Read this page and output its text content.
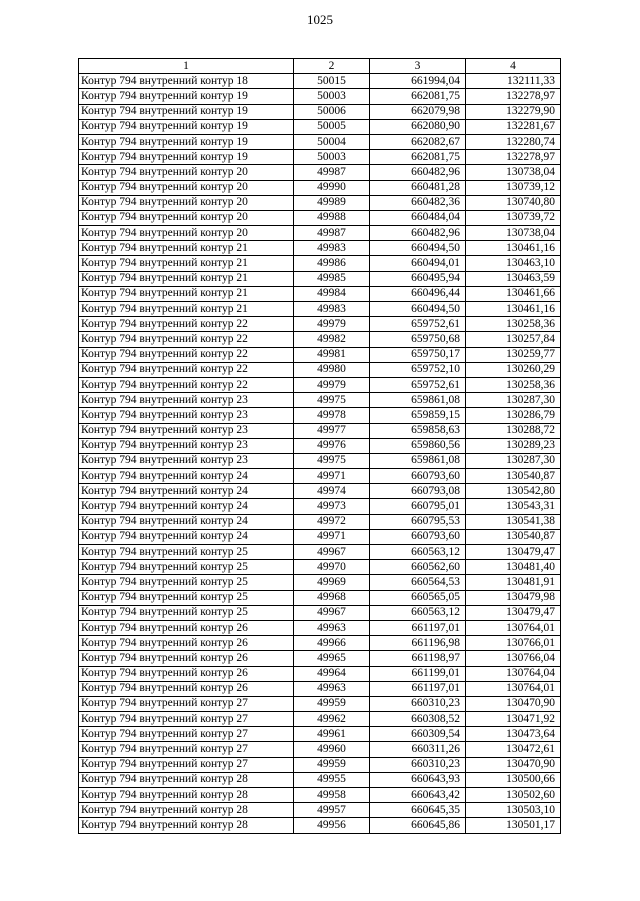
1025
1	2	3	4
Контур 794 внутренний контур 18	50015	661994,04	132111,33
Контур 794 внутренний контур 19	50003	662081,75	132278,97
Контур 794 внутренний контур 19	50006	662079,98	132279,90
Контур 794 внутренний контур 19	50005	662080,90	132281,67
Контур 794 внутренний контур 19	50004	662082,67	132280,74
Контур 794 внутренний контур 19	50003	662081,75	132278,97
Контур 794 внутренний контур 20	49987	660482,96	130738,04
Контур 794 внутренний контур 20	49990	660481,28	130739,12
Контур 794 внутренний контур 20	49989	660482,36	130740,80
Контур 794 внутренний контур 20	49988	660484,04	130739,72
Контур 794 внутренний контур 20	49987	660482,96	130738,04
Контур 794 внутренний контур 21	49983	660494,50	130461,16
Контур 794 внутренний контур 21	49986	660494,01	130463,10
Контур 794 внутренний контур 21	49985	660495,94	130463,59
Контур 794 внутренний контур 21	49984	660496,44	130461,66
Контур 794 внутренний контур 21	49983	660494,50	130461,16
Контур 794 внутренний контур 22	49979	659752,61	130258,36
Контур 794 внутренний контур 22	49982	659750,68	130257,84
Контур 794 внутренний контур 22	49981	659750,17	130259,77
Контур 794 внутренний контур 22	49980	659752,10	130260,29
Контур 794 внутренний контур 22	49979	659752,61	130258,36
Контур 794 внутренний контур 23	49975	659861,08	130287,30
Контур 794 внутренний контур 23	49978	659859,15	130286,79
Контур 794 внутренний контур 23	49977	659858,63	130288,72
Контур 794 внутренний контур 23	49976	659860,56	130289,23
Контур 794 внутренний контур 23	49975	659861,08	130287,30
Контур 794 внутренний контур 24	49971	660793,60	130540,87
Контур 794 внутренний контур 24	49974	660793,08	130542,80
Контур 794 внутренний контур 24	49973	660795,01	130543,31
Контур 794 внутренний контур 24	49972	660795,53	130541,38
Контур 794 внутренний контур 24	49971	660793,60	130540,87
Контур 794 внутренний контур 25	49967	660563,12	130479,47
Контур 794 внутренний контур 25	49970	660562,60	130481,40
Контур 794 внутренний контур 25	49969	660564,53	130481,91
Контур 794 внутренний контур 25	49968	660565,05	130479,98
Контур 794 внутренний контур 25	49967	660563,12	130479,47
Контур 794 внутренний контур 26	49963	661197,01	130764,01
Контур 794 внутренний контур 26	49966	661196,98	130766,01
Контур 794 внутренний контур 26	49965	661198,97	130766,04
Контур 794 внутренний контур 26	49964	661199,01	130764,04
Контур 794 внутренний контур 26	49963	661197,01	130764,01
Контур 794 внутренний контур 27	49959	660310,23	130470,90
Контур 794 внутренний контур 27	49962	660308,52	130471,92
Контур 794 внутренний контур 27	49961	660309,54	130473,64
Контур 794 внутренний контур 27	49960	660311,26	130472,61
Контур 794 внутренний контур 27	49959	660310,23	130470,90
Контур 794 внутренний контур 28	49955	660643,93	130500,66
Контур 794 внутренний контур 28	49958	660643,42	130502,60
Контур 794 внутренний контур 28	49957	660645,35	130503,10
Контур 794 внутренний контур 28	49956	660645,86	130501,17
